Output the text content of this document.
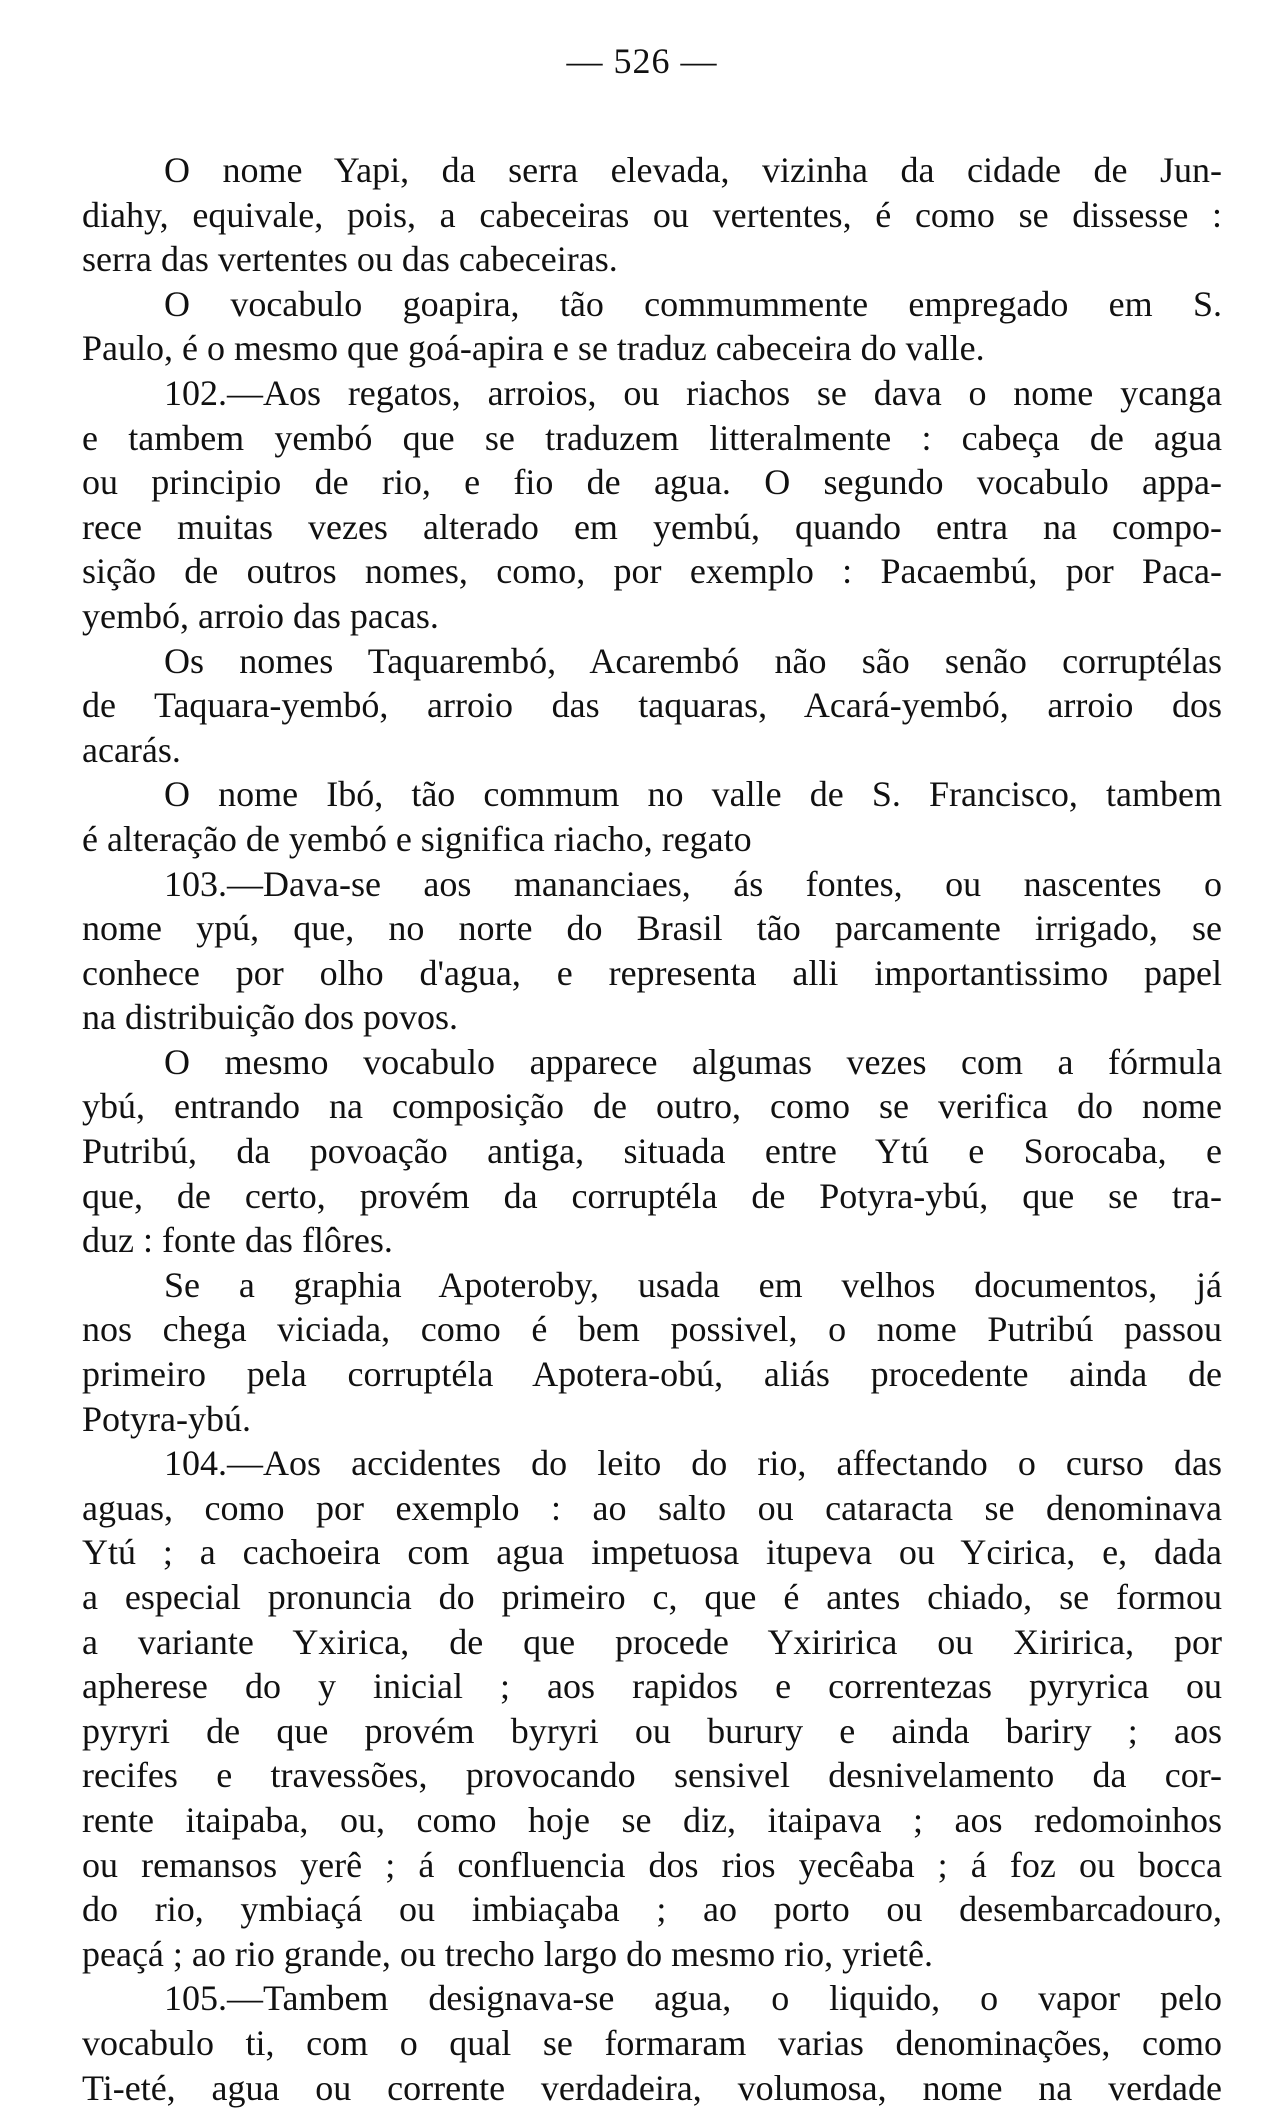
— 526 —
O nome Yapi, da serra elevada, vizinha da cidade de Jun-
diahy, equivale, pois, a cabeceiras ou vertentes, é como se dissesse :
serra das vertentes ou das cabeceiras.
O vocabulo goapira, tão commummente empregado em S.
Paulo, é o mesmo que goá-apira e se traduz cabeceira do valle.
102.—Aos regatos, arroios, ou riachos se dava o nome ycanga
e tambem yembó que se traduzem litteralmente : cabeça de agua
ou principio de rio, e fio de agua. O segundo vocabulo appa-
rece muitas vezes alterado em yembú, quando entra na compo-
sição de outros nomes, como, por exemplo : Pacaembú, por Paca-
yembó, arroio das pacas.
Os nomes Taquarembó, Acarembó não são senão corruptélas
de Taquara-yembó, arroio das taquaras, Acará-yembó, arroio dos
acarás.
O nome Ibó, tão commum no valle de S. Francisco, tambem
é alteração de yembó e significa riacho, regato
103.—Dava-se aos mananciaes, ás fontes, ou nascentes o
nome ypú, que, no norte do Brasil tão parcamente irrigado, se
conhece por olho d'agua, e representa alli importantissimo papel
na distribuição dos povos.
O mesmo vocabulo apparece algumas vezes com a fórmula
ybú, entrando na composição de outro, como se verifica do nome
Putribú, da povoação antiga, situada entre Ytú e Sorocaba, e
que, de certo, provém da corruptéla de Potyra-ybú, que se tra-
duz : fonte das flôres.
Se a graphia Apoteroby, usada em velhos documentos, já
nos chega viciada, como é bem possivel, o nome Putribú passou
primeiro pela corruptéla Apotera-obú, aliás procedente ainda de
Potyra-ybú.
104.—Aos accidentes do leito do rio, affectando o curso das
aguas, como por exemplo : ao salto ou cataracta se denominava
Ytú ; a cachoeira com agua impetuosa itupeva ou Ycirica, e, dada
a especial pronuncia do primeiro c, que é antes chiado, se formou
a variante Yxirica, de que procede Yxiririca ou Xiririca, por
apherese do y inicial ; aos rapidos e correntezas pyryrica ou
pyryri de que provém byryri ou burury e ainda bariry ; aos
recifes e travessões, provocando sensivel desnivelamento da cor-
rente itaipaba, ou, como hoje se diz, itaipava ; aos redomoinhos
ou remansos yerê ; á confluencia dos rios yecêaba ; á foz ou bocca
do rio, ymbiaçá ou imbiaçaba ; ao porto ou desembarcadouro,
peaçá ; ao rio grande, ou trecho largo do mesmo rio, yrietê.
105.—Tambem designava-se agua, o liquido, o vapor pelo
vocabulo ti, com o qual se formaram varias denominações, como
Ti-eté, agua ou corrente verdadeira, volumosa, nome na verdade
